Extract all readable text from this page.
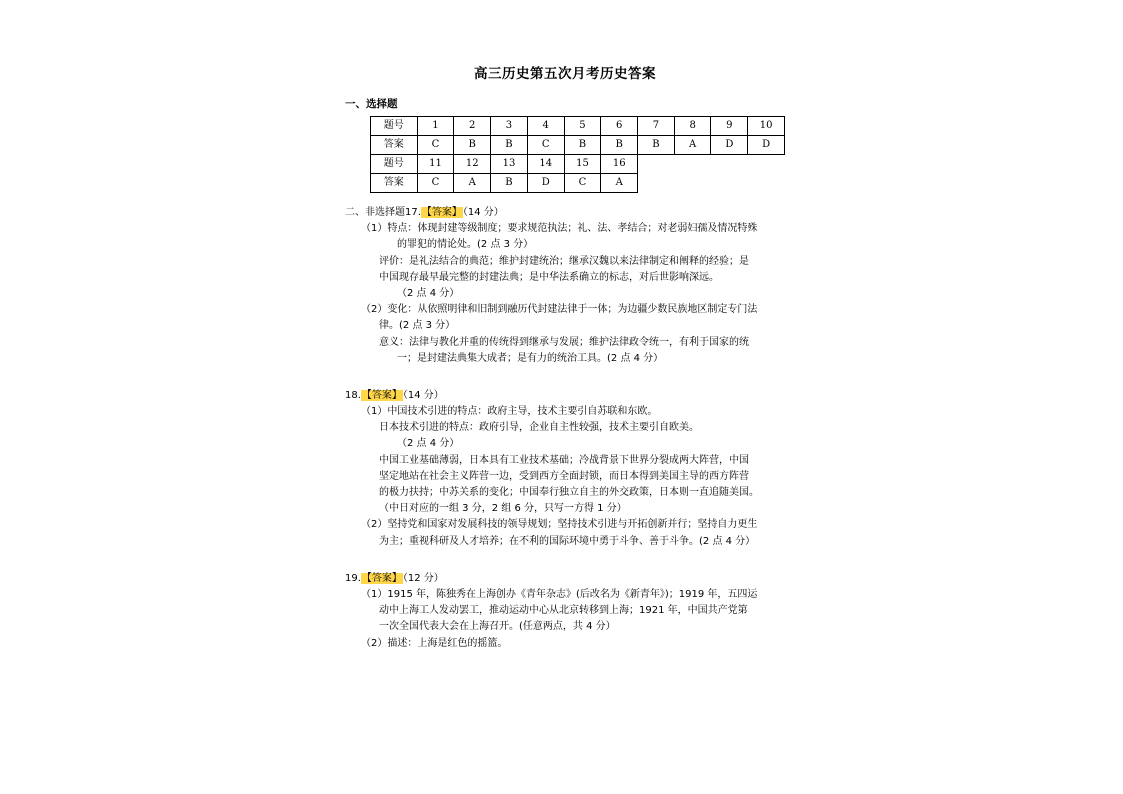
高三历史第五次月考历史答案
一、选择题
题号	1	2	3	4	5	6	7	8	9	10
答案	C	B	B	C	B	B	B	A	D	D
题号	11	12	13	14	15	16				
答案	C	A	B	D	C	A				
二、非选择题17.【答案】（14 分）
（1）特点：体现封建等级制度；要求规范执法；礼、法、孝结合；对老弱妇孺及情况特殊
的罪犯的情论处。(2 点 3 分）
评价：是礼法结合的典范；维护封建统治；继承汉魏以来法律制定和阐释的经验；是
中国现存最早最完整的封建法典；是中华法系确立的标志，对后世影响深远。
（2 点 4 分）
（2）变化：从依照明律和旧制到融历代封建法律于一体；为边疆少数民族地区制定专门法
律。(2 点 3 分）
意义：法律与教化并重的传统得到继承与发展；维护法律政令统一，有利于国家的统
一；是封建法典集大成者；是有力的统治工具。(2 点 4 分）
18.【答案】（14 分）
（1）中国技术引进的特点：政府主导，技术主要引自苏联和东欧。
日本技术引进的特点：政府引导，企业自主性较强，技术主要引自欧美。
（2 点 4 分）
中国工业基础薄弱，日本具有工业技术基础；冷战背景下世界分裂成两大阵营，中国
坚定地站在社会主义阵营一边，受到西方全面封锁，而日本得到美国主导的西方阵营
的极力扶持；中苏关系的变化；中国奉行独立自主的外交政策，日本则一直追随美国。
（中日对应的一组 3 分，2 组 6 分，只写一方得 1 分）
（2）坚持党和国家对发展科技的领导规划；坚持技术引进与开拓创新并行；坚持自力更生
为主；重视科研及人才培养；在不利的国际环境中勇于斗争、善于斗争。(2 点 4 分）
19.【答案】（12 分）
（1）1915 年，陈独秀在上海创办《青年杂志》(后改名为《新青年》)；1919 年，五四运
动中上海工人发动罢工，推动运动中心从北京转移到上海；1921 年，中国共产党第
一次全国代表大会在上海召开。(任意两点，共 4 分）
（2）描述：上海是红色的摇篮。
